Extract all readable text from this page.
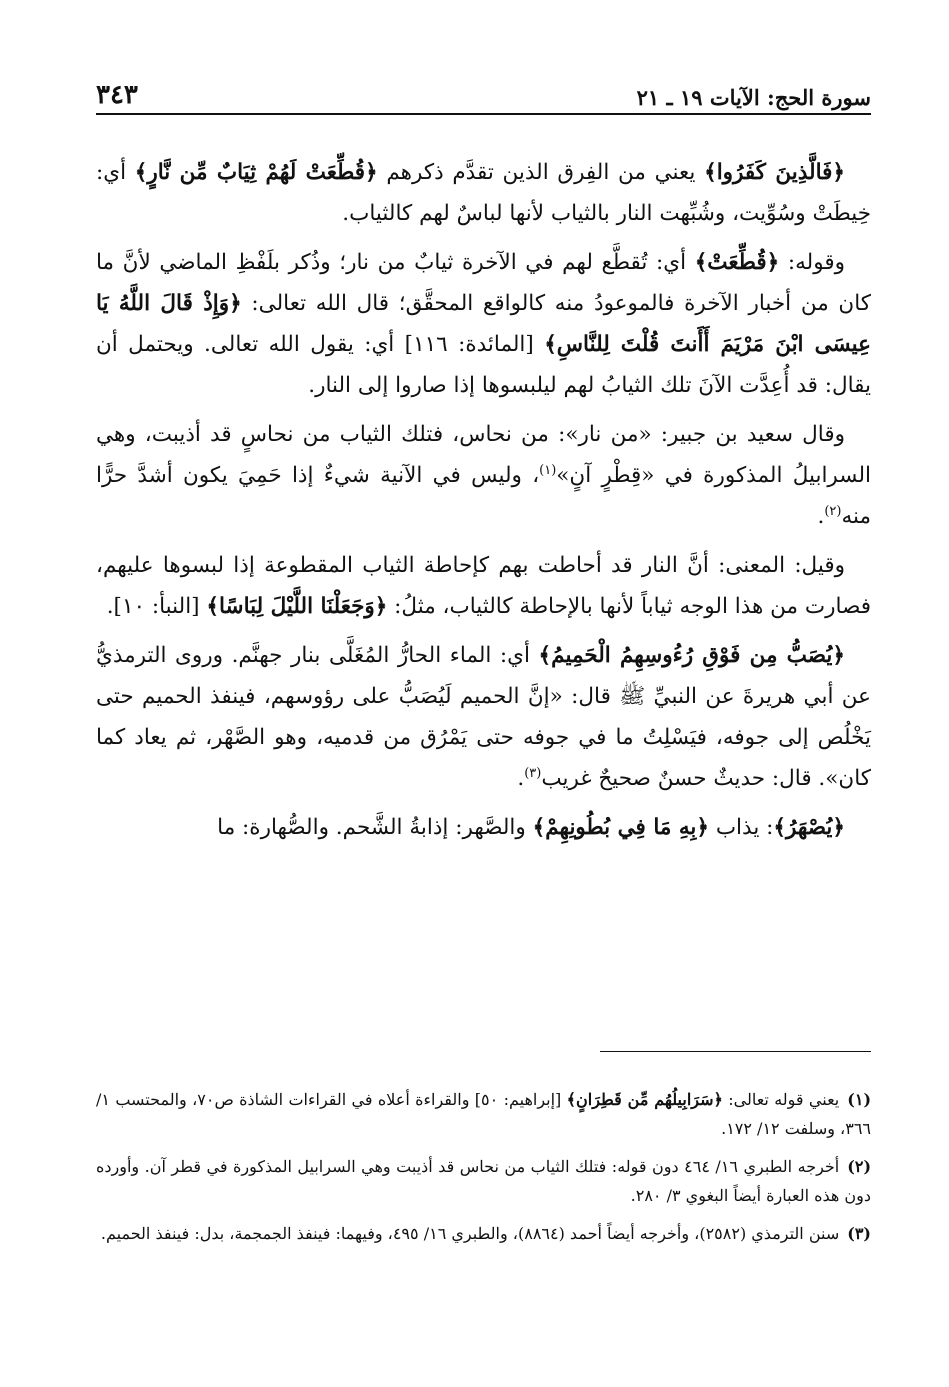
سورة الحج: الآيات ١٩ ـ ٢١
٣٤٣

﴿فَالَّذِينَ كَفَرُوا﴾ يعني من الفِرق الذين تقدَّم ذكرهم ﴿قُطِّعَتْ لَهُمْ ثِيَابٌ مِّن نَّارٍ﴾ أي: خِيطَتْ وسُوِّيت، وشُبِّهت النار بالثياب لأنها لباسٌ لهم كالثياب.

وقوله: ﴿قُطِّعَتْ﴾ أي: تُقطَّع لهم في الآخرة ثيابٌ من نار؛ وذُكر بلَفْظِ الماضي لأنَّ ما كان من أخبار الآخرة فالموعودُ منه كالواقع المحقَّق؛ قال الله تعالى: ﴿وَإِذْ قَالَ اللَّهُ يَا عِيسَى ابْنَ مَرْيَمَ أَأَنتَ قُلْتَ لِلنَّاسِ﴾ [المائدة: ١١٦] أي: يقول الله تعالى. ويحتمل أن يقال: قد أُعِدَّت الآنَ تلك الثيابُ لهم ليلبسوها إذا صاروا إلى النار.

وقال سعيد بن جبير: «من نار»: من نحاس، فتلك الثياب من نحاسٍ قد أذيبت، وهي السرابيلُ المذكورة في «قِطْرٍ آنٍ»$^{(١)}$، وليس في الآنية شيءٌ إذا حَمِيَ يكون أشدَّ حرًّا منه$^{(٢)}$.

وقيل: المعنى: أنَّ النار قد أحاطت بهم كإحاطة الثياب المقطوعة إذا لبسوها عليهم، فصارت من هذا الوجه ثياباً لأنها بالإحاطة كالثياب، مثلُ: ﴿وَجَعَلْنَا اللَّيْلَ لِبَاسًا﴾ [النبأ: ١٠].

﴿يُصَبُّ مِن فَوْقِ رُءُوسِهِمُ الْحَمِيمُ﴾ أي: الماء الحارُّ المُغَلَّى بنار جهنَّم. وروى الترمذيُّ عن أبي هريرةَ عن النبيِّ ﷺ قال: «إنَّ الحميم لَيُصَبُّ على رؤوسهم، فينفذ الحميم حتى يَخْلُص إلى جوفه، فيَسْلِتُ ما في جوفه حتى يَمْرُق من قدميه، وهو الصَّهْر، ثم يعاد كما كان». قال: حديثٌ حسنٌ صحيحٌ غريب$^{(٣)}$.

﴿يُصْهَرُ﴾: يذاب ﴿بِهِ مَا فِي بُطُونِهِمْ﴾ والصَّهر: إذابةُ الشَّحم. والصُّهارة: ما

(١)يعني قوله تعالى: ﴿سَرَابِيلُهُم مِّن قَطِرَانٍ﴾ [إبراهيم: ٥٠] والقراءة أعلاه في القراءات الشاذة ص٧٠، والمحتسب ١/ ٣٦٦، وسلفت ١٢/ ١٧٢.
(٢)أخرجه الطبري ١٦/ ٤٦٤ دون قوله: فتلك الثياب من نحاس قد أذيبت وهي السرابيل المذكورة في قطر آن. وأورده دون هذه العبارة أيضاً البغوي ٣/ ٢٨٠.
(٣)سنن الترمذي (٢٥٨٢)، وأخرجه أيضاً أحمد (٨٨٦٤)، والطبري ١٦/ ٤٩٥، وفيهما: فينفذ الجمجمة، بدل: فينفذ الحميم.
